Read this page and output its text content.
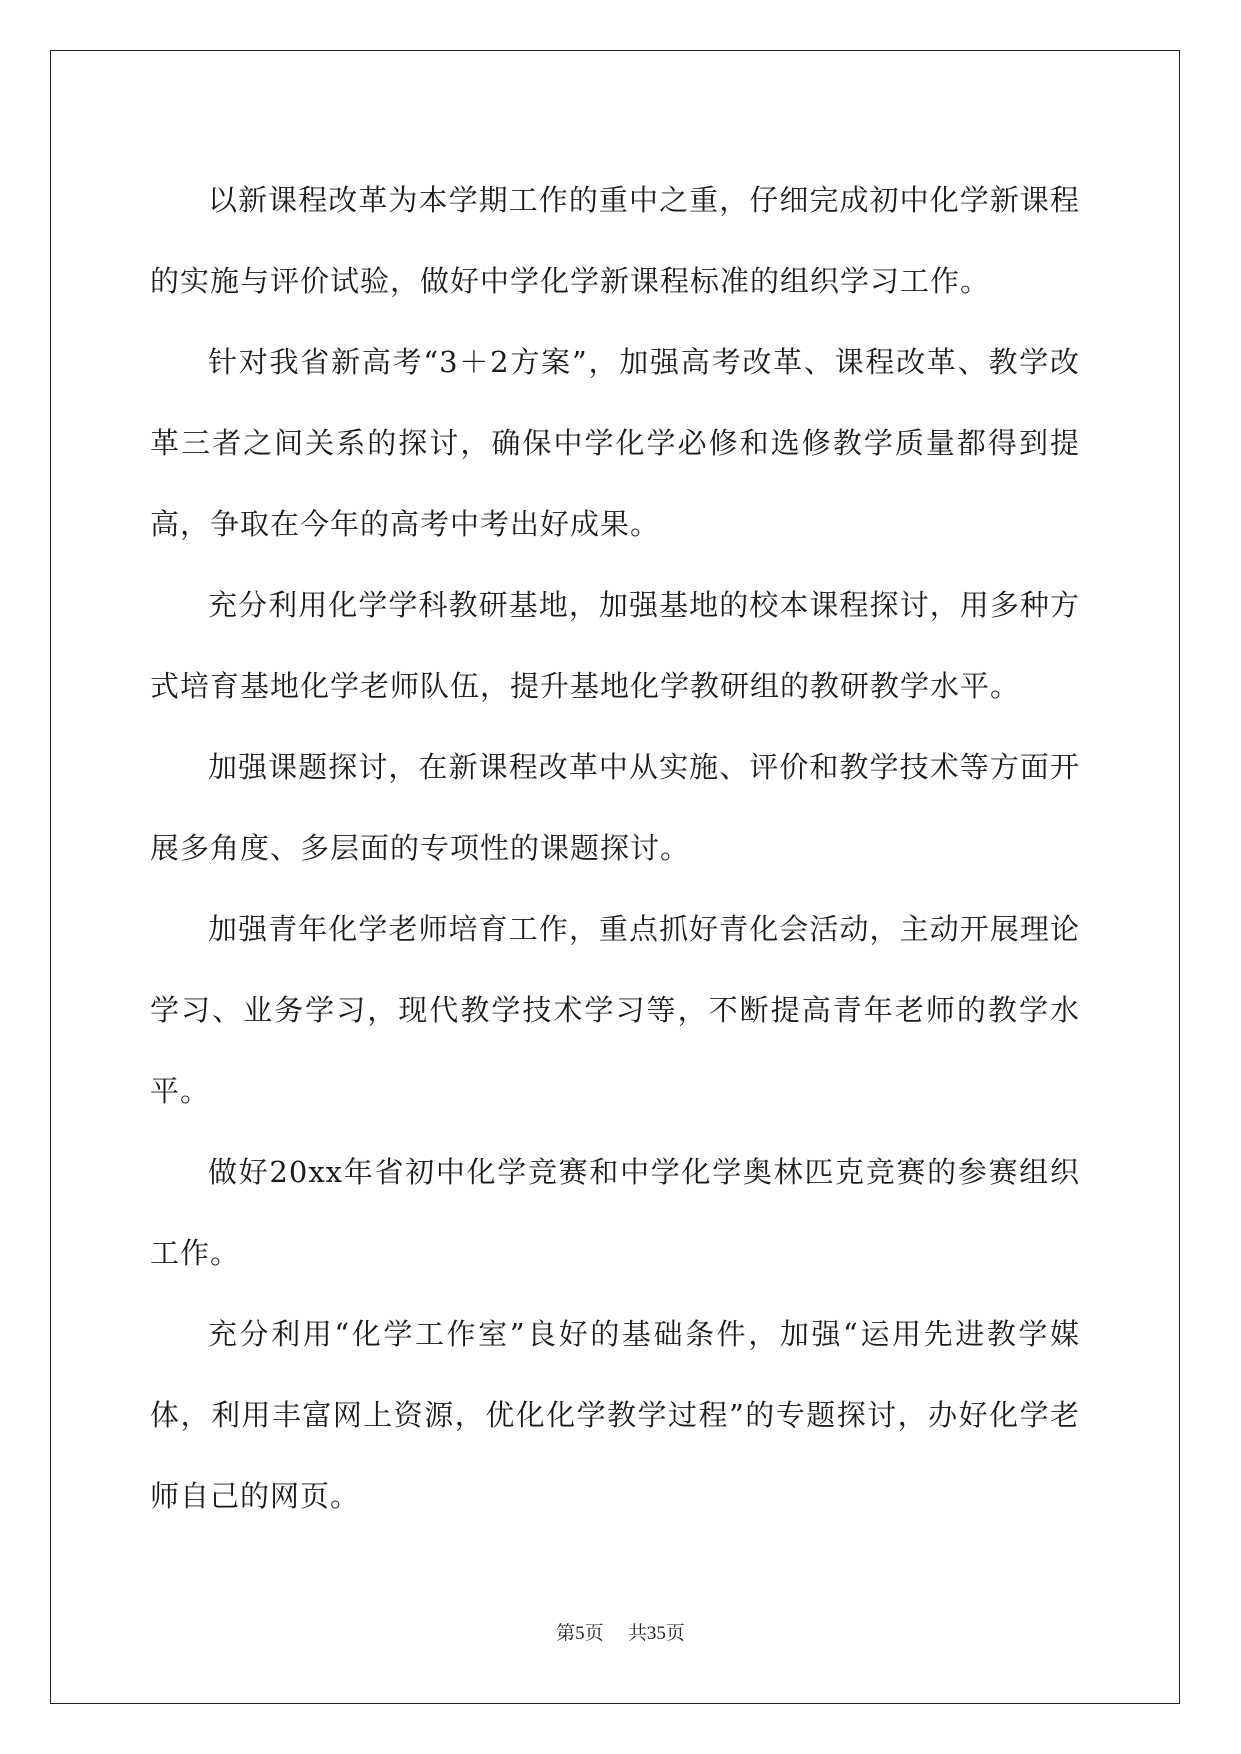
以新课程改革为本学期工作的重中之重，仔细完成初中化学新课程的实施与评价试验，做好中学化学新课程标准的组织学习工作。

针对我省新高考“3＋2方案”，加强高考改革、课程改革、教学改革三者之间关系的探讨，确保中学化学必修和选修教学质量都得到提高，争取在今年的高考中考出好成果。

充分利用化学学科教研基地，加强基地的校本课程探讨，用多种方式培育基地化学老师队伍，提升基地化学教研组的教研教学水平。

加强课题探讨，在新课程改革中从实施、评价和教学技术等方面开展多角度、多层面的专项性的课题探讨。

加强青年化学老师培育工作，重点抓好青化会活动，主动开展理论学习、业务学习，现代教学技术学习等，不断提高青年老师的教学水平。

做好20xx年省初中化学竞赛和中学化学奥林匹克竞赛的参赛组织工作。

充分利用“化学工作室”良好的基础条件，加强“运用先进教学媒体，利用丰富网上资源，优化化学教学过程”的专题探讨，办好化学老师自己的网页。

第5页 共35页
